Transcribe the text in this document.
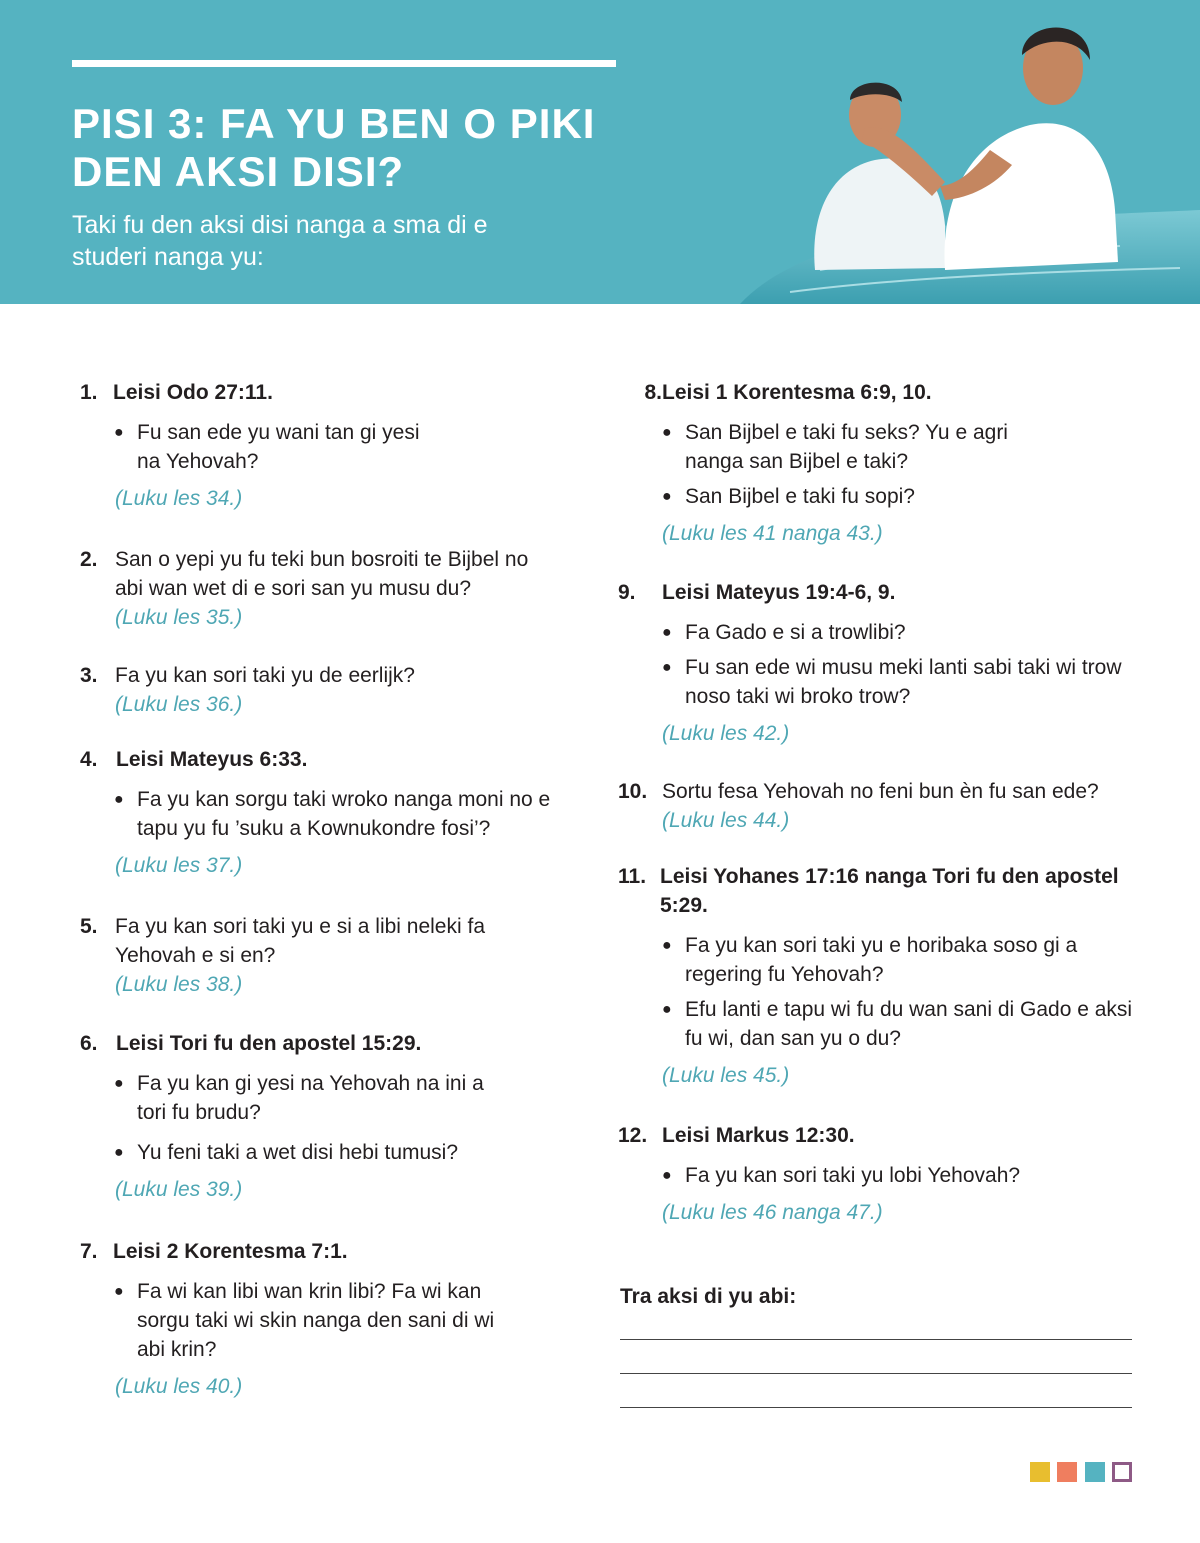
PISI 3: FA YU BEN O PIKI DEN AKSI DISI?

Taki fu den aksi disi nanga a sma di e studeri nanga yu:

1. Leisi Odo 27:11.
● Fu san ede yu wani tan gi yesi na Yehovah?
(Luku les 34.)
2. San o yepi yu fu teki bun bosroiti te Bijbel no abi wan wet di e sori san yu musu du?
(Luku les 35.)
3. Fa yu kan sori taki yu de eerlijk?
(Luku les 36.)
4. Leisi Mateyus 6:33.
● Fa yu kan sorgu taki wroko nanga moni no e tapu yu fu ’suku a Kownukondre fosi’?
(Luku les 37.)
5. Fa yu kan sori taki yu e si a libi neleki fa Yehovah e si en?
(Luku les 38.)
6. Leisi Tori fu den apostel 15:29.
● Fa yu kan gi yesi na Yehovah na ini a tori fu brudu?
● Yu feni taki a wet disi hebi tumusi?
(Luku les 39.)
7. Leisi 2 Korentesma 7:1.
● Fa wi kan libi wan krin libi? Fa wi kan sorgu taki wi skin nanga den sani di wi abi krin?
(Luku les 40.)
8. Leisi 1 Korentesma 6:9, 10.
● San Bijbel e taki fu seks? Yu e agri nanga san Bijbel e taki?
● San Bijbel e taki fu sopi?
(Luku les 41 nanga 43.)
9.	Leisi Mateyus 19:4-6, 9.
● Fa Gado e si a trowlibi?
● Fu san ede wi musu meki lanti sabi taki wi trow noso taki wi broko trow?
(Luku les 42.)
10. Sortu fesa Yehovah no feni bun èn fu san ede?
(Luku les 44.)
11. Leisi Yohanes 17:16 nanga Tori fu den apostel 5:29.
● Fa yu kan sori taki yu e horibaka soso gi a regering fu Yehovah?
● Efu lanti e tapu wi fu du wan sani di Gado e aksi fu wi, dan san yu o du?
(Luku les 45.)
12. Leisi Markus 12:30.
● Fa yu kan sori taki yu lobi Yehovah?
(Luku les 46 nanga 47.)

Tra aksi di yu abi:
